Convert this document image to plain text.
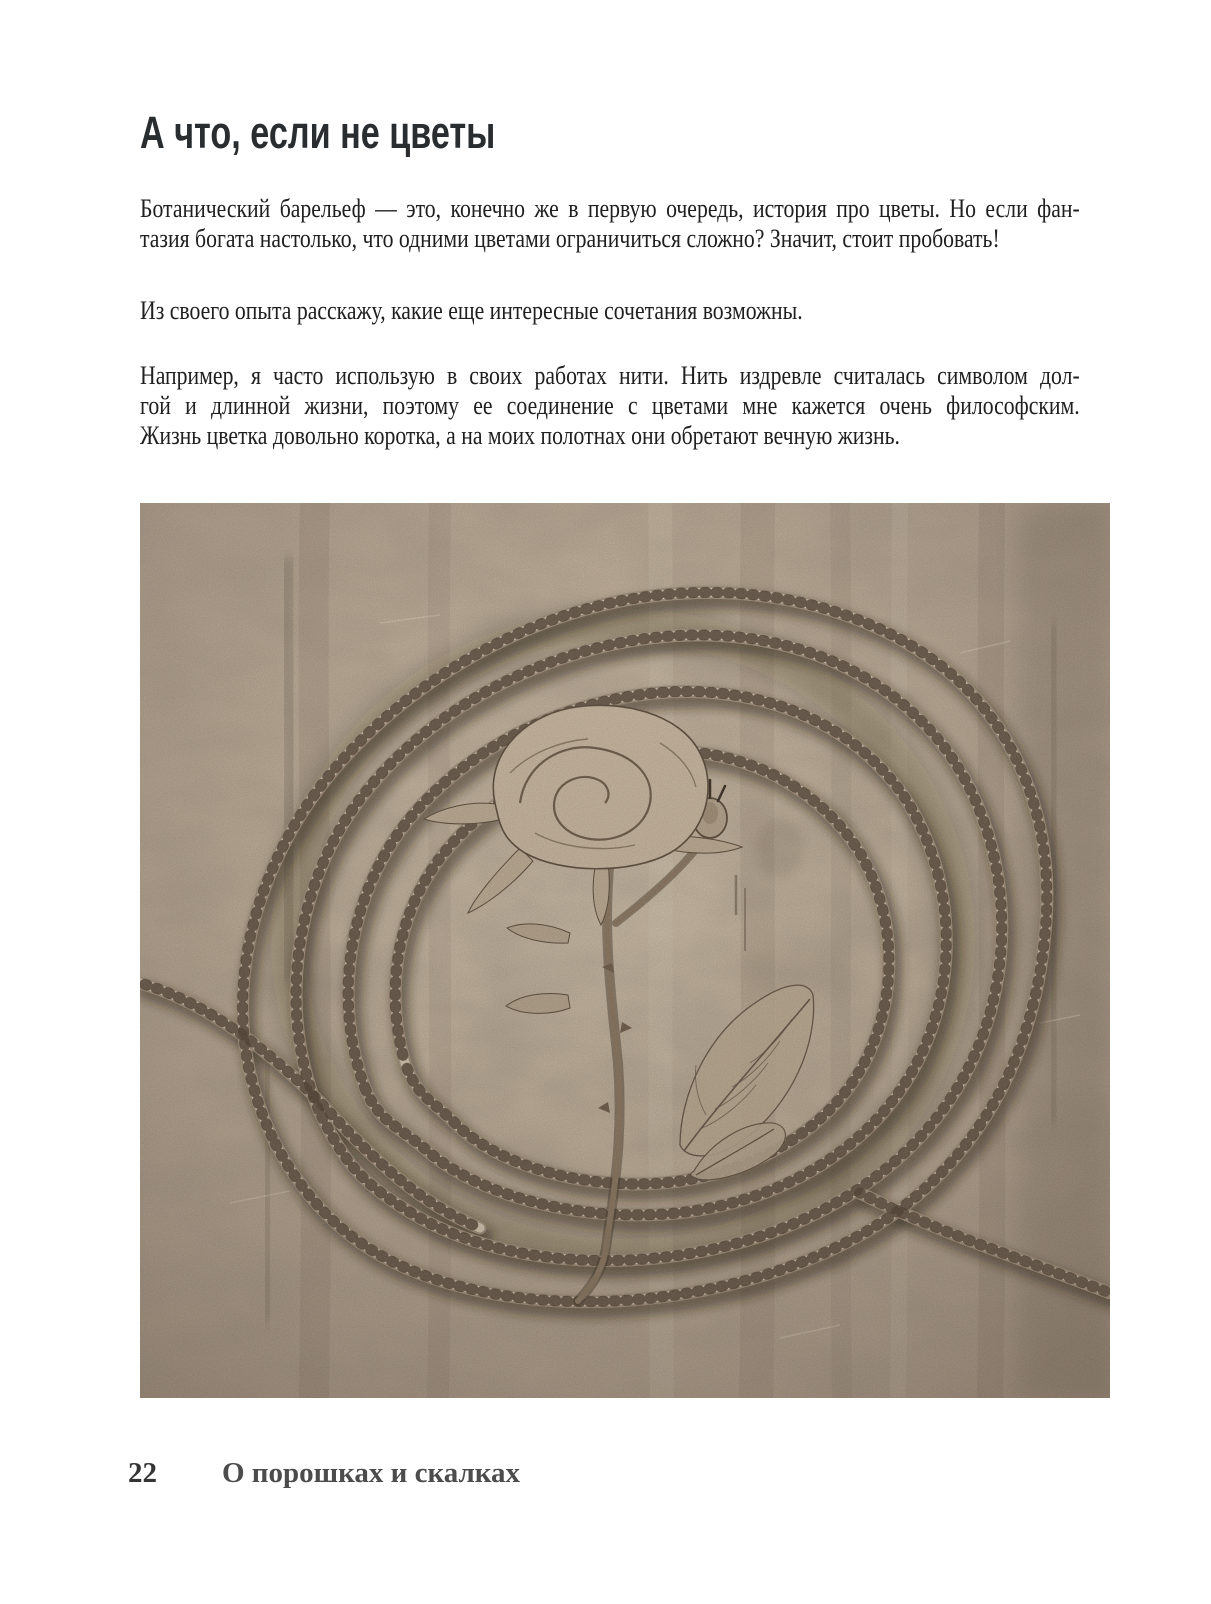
А что, если не цветы
Ботанический барельеф — это, конечно же в первую очередь, история про цветы. Но если фан-
тазия богата настолько, что одними цветами ограничиться сложно? Значит, стоит пробовать!
Из своего опыта расскажу, какие еще интересные сочетания возможны.
Например, я часто использую в своих работах нити. Нить издревле считалась символом дол-
гой и длинной жизни, поэтому ее соединение с цветами мне кажется очень философским.
Жизнь цветка довольно коротка, а на моих полотнах они обретают вечную жизнь.
22 О порошках и скалках
